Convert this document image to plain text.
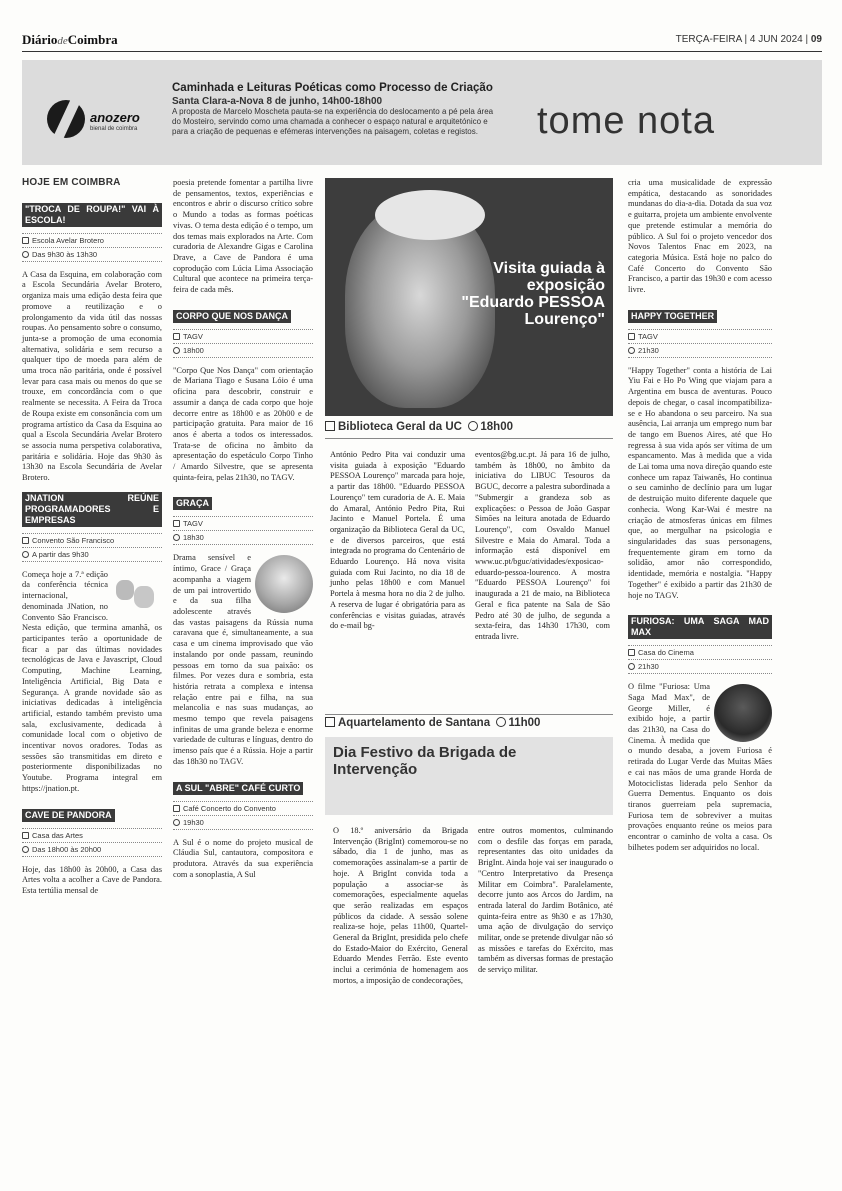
DiáriodeCoimbra	TERÇA-FEIRA | 4 JUN 2024 | 09
anozero
bienal de coimbra
Caminhada e Leituras Poéticas como Processo de Criação
Santa Clara-a-Nova 8 de junho, 14h00-18h00
A proposta de Marcelo Moscheta pauta-se na experiência do deslocamento a pé pela área do Mosteiro, servindo como uma chamada a conhecer o espaço natural e arquitetónico e para a criação de pequenas e efémeras intervenções na paisagem, coletas e registos.	tome nota
HOJE EM COIMBRA
"TROCA DE ROUPA!" VAI À ESCOLA!
Escola Avelar Brotero
Das 9h30 às 13h30

A Casa da Esquina, em colaboração com a Escola Secundária Avelar Brotero, organiza mais uma edição desta feira que promove a reutilização e o prolongamento da vida útil das nossas roupas. Ao pensamento sobre o consumo, junta-se a promoção de uma economia alternativa, solidária e sem recurso a qualquer tipo de moeda para além de uma troca não paritária, onde é possível levar para casa mais ou menos do que se trouxe, em concordância com o que realmente se necessita. A Feira da Troca de Roupa existe em consonância com um programa artístico da Casa da Esquina ao qual a Escola Secundária Avelar Brotero se associa numa perspetiva colaborativa, paritária e solidária. Hoje das 9h30 às 13h30 na Escola Secundária de Avelar Brotero.

JNATION REÚNE PROGRAMADORES E EMPRESAS
Convento São Francisco
A partir das 9h30

Começa hoje a 7.ª edição da conferência técnica internacional, denominada JNation, no Convento São Francisco. Nesta edição, que termina amanhã, os participantes terão a oportunidade de ficar a par das últimas novidades tecnológicas de Java e Javascript, Cloud Computing, Machine Learning, Inteligência Artificial, Big Data e Segurança. A grande novidade são as iniciativas dedicadas à inteligência artificial, estando também previsto uma sala, exclusivamente, dedicada à comunidade local com o objetivo de incentivar novos oradores. Todas as sessões são transmitidas em direto e posteriormente disponibilizadas no Youtube. Programa integral em https://jnation.pt.

CAVE DE PANDORA
Casa das Artes
Das 18h00 às 20h00

Hoje, das 18h00 às 20h00, a Casa das Artes volta a acolher a Cave de Pandora. Esta tertúlia mensal de

poesia pretende fomentar a partilha livre de pensamentos, textos, experiências e encontros e abrir o discurso crítico sobre o Mundo a todas as formas poéticas vivas. O tema desta edição é o tempo, um dos temas mais explorados na Arte. Com curadoria de Alexandre Gigas e Carolina Drave, a Cave de Pandora é uma coprodução com Lúcia Lima Associação Cultural que acontece na primeira terça-feira de cada mês.

CORPO QUE NOS DANÇA
TAGV
18h00

"Corpo Que Nos Dança" com orientação de Mariana Tiago e Susana Lóio é uma oficina para descobrir, construir e assumir a dança de cada corpo que hoje decorre entre as 18h00 e as 20h00 e de participação gratuita. Para maior de 16 anos é aberta a todos os interessados. Trata-se de oficina no âmbito da apresentação do espetáculo Corpo Tinho / Amardo Silvestre, que se apresenta quinta-feira, pelas 21h30, no TAGV.

GRAÇA
TAGV
18h30

Drama sensível e íntimo, Grace / Graça acompanha a viagem de um pai introvertido e da sua filha adolescente através das vastas paisagens da Rússia numa caravana que é, simultaneamente, a sua casa e um cinema improvisado que vão instalando por onde passam, reunindo pessoas em torno da sua paixão: os filmes. Por vezes dura e sombria, esta história retrata a complexa e intensa relação entre pai e filha, na sua melancolia e nas suas mudanças, ao mesmo tempo que revela paisagens infinitas de uma grande beleza e enorme variedade de culturas e línguas, dentro do imenso país que é a Rússia. Hoje a partir das 18h30 no TAGV.

A SUL "ABRE" CAFÉ CURTO
Café Concerto do Convento
19h30

A Sul é o nome do projeto musical de Cláudia Sul, cantautora, compositora e produtora. Através da sua experiência com a sonoplastia, A Sul

Visita guiada à exposição "Eduardo PESSOA Lourenço"
Biblioteca Geral da UC 18h00
António Pedro Pita vai conduzir uma visita guiada à exposição "Eduardo PESSOA Lourenço" marcada para hoje, a partir das 18h00. "Eduardo PESSOA Lourenço" tem curadoria de A. E. Maia do Amaral, António Pedro Pita, Rui Jacinto e Manuel Portela. É uma organização da Biblioteca Geral da UC, e de diversos parceiros, que está integrada no programa do Centenário de Eduardo Lourenço. Há nova visita guiada com Rui Jacinto, no dia 18 de junho pelas 18h00 e com Manuel Portela à mesma hora no dia 2 de julho. A reserva de lugar é obrigatória para as conferências e visitas guiadas, através do e-mail bg-
eventos@bg.uc.pt. Já para 16 de julho, também às 18h00, no âmbito da iniciativa do LIBUC Tesouros da BGUC, decorre a palestra subordinada a "Submergir a grandeza sob as explicações: o Pessoa de João Gaspar Simões na leitura anotada de Eduardo Lourenço", com Osvaldo Manuel Silvestre e Maia do Amaral. Toda a informação está disponível em www.uc.pt/bguc/atividades/exposicao-eduardo-pessoa-lourenco. A mostra "Eduardo PESSOA Lourenço" foi inaugurada a 21 de maio, na Biblioteca Geral e fica patente na Sala de São Pedro até 30 de julho, de segunda a sexta-feira, das 14h30 17h30, com entrada livre.
Aquartelamento de Santana 11h00
Dia Festivo da Brigada de Intervenção
O 18.º aniversário da Brigada Intervenção (BrigInt) comemorou-se no sábado, dia 1 de junho, mas as comemorações assinalam-se a partir de hoje. A BrigInt convida toda a população a associar-se às comemorações, especialmente aquelas que serão realizadas em espaços públicos da cidade. A sessão solene realiza-se hoje, pelas 11h00, Quartel-General da BrigInt, presidida pelo chefe do Estado-Maior do Exército, General Eduardo Mendes Ferrão. Este evento inclui a cerimónia de homenagem aos mortos, a imposição de condecorações,
entre outros momentos, culminando com o desfile das forças em parada, representantes das oito unidades da BrigInt. Ainda hoje vai ser inaugurado o "Centro Interpretativo da Presença Militar em Coimbra". Paralelamente, decorre junto aos Arcos do Jardim, na entrada lateral do Jardim Botânico, até quinta-feira entre as 9h30 e as 17h30, uma ação de divulgação do serviço militar, onde se pretende divulgar não só as missões e tarefas do Exército, mas também as diversas formas de prestação de serviço militar.

cria uma musicalidade de expressão empática, destacando as sonoridades mundanas do dia-a-dia. Dotada da sua voz e guitarra, projeta um ambiente envolvente que pretende estimular a memória do público. A Sul foi o projeto vencedor dos Novos Talentos Fnac em 2023, na categoria Música. Está hoje no palco do Café Concerto do Convento São Francisco, a partir das 19h30 e com acesso livre.

HAPPY TOGETHER
TAGV
21h30

"Happy Together" conta a história de Lai Yiu Fai e Ho Po Wing que viajam para a Argentina em busca de aventuras. Pouco depois de chegar, o casal incompatibiliza-se e Ho abandona o seu parceiro. Na sua ausência, Lai arranja um emprego num bar de tango em Buenos Aires, até que Ho regressa à sua vida após ser vítima de um espancamento. Mas à medida que a vida de Lai toma uma nova direção quando este conhece um rapaz Taiwanês, Ho continua o seu caminho de declínio para um lugar de destruição muito diferente daquele que conhecia. Wong Kar-Wai é mestre na criação de atmosferas únicas em filmes que, ao mergulhar na psicologia e singularidades das suas personagens, frequentemente giram em torno da solidão, amor não correspondido, identidade, memória e nostalgia. "Happy Together" é exibido a partir das 21h30 de hoje no TAGV.

FURIOSA: UMA SAGA MAD MAX
Casa do Cinema
21h30

O filme "Furiosa: Uma Saga Mad Max", de George Miller, é exibido hoje, a partir das 21h30, na Casa do Cinema. À medida que o mundo desaba, a jovem Furiosa é retirada do Lugar Verde das Muitas Mães e cai nas mãos de uma grande Horda de Motociclistas liderada pelo Senhor da Guerra Dementus. Enquanto os dois tiranos guerreiam pela supremacia, Furiosa tem de sobreviver a muitas provações enquanto reúne os meios para encontrar o caminho de volta a casa. Os bilhetes podem ser adquiridos no local.
